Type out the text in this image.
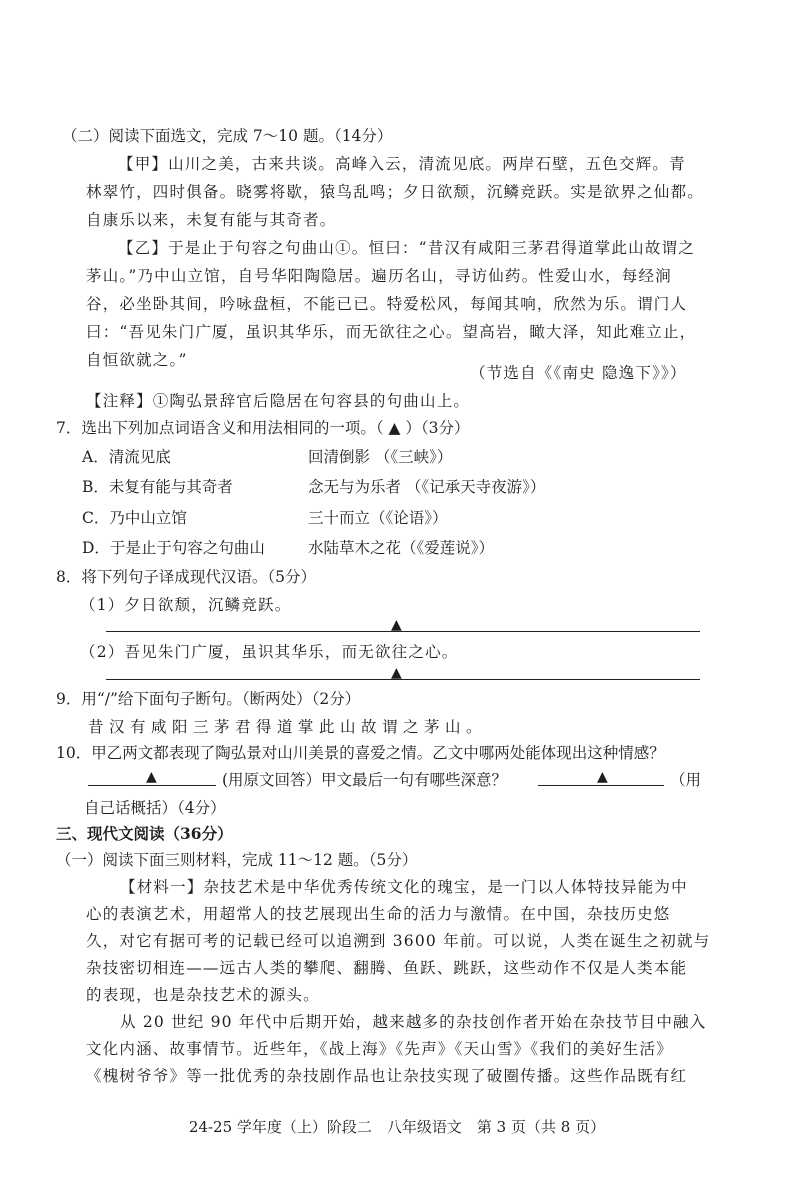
（二）阅读下面选文，完成 7～10 题。（14分）
【甲】山川之美，古来共谈。高峰入云，清流见底。两岸石壁，五色交辉。青
林翠竹，四时俱备。晓雾将歇，猿鸟乱鸣；夕日欲颓，沉鳞竞跃。实是欲界之仙都。
自康乐以来，未复有能与其奇者。
【乙】于是止于句容之句曲山①。恒曰：“昔汉有咸阳三茅君得道掌此山故谓之
茅山。”乃中山立馆，自号华阳陶隐居。遍历名山，寻访仙药。性爱山水，每经涧
谷，必坐卧其间，吟咏盘桓，不能已已。特爱松风，每闻其响，欣然为乐。谓门人
曰：“吾见朱门广厦，虽识其华乐，而无欲往之心。望高岩，瞰大泽，知此难立止，
自恒欲就之。”
（节选自《《南史 隐逸下》》）
【注释】①陶弘景辞官后隐居在句容县的句曲山上。
7．选出下列加点词语含义和用法相同的一项。（ ▲ ）（3分）
A．清流见底	回清倒影 （《三峡》）
B．未复有能与其奇者	念无与为乐者 （《记承天寺夜游》）
C．乃中山立馆	三十而立（《论语》）
D．于是止于句容之句曲山	水陆草木之花（《爱莲说》）
8．将下列句子译成现代汉语。（5分）
（1）夕日欲颓，沉鳞竞跃。
▲
（2）吾见朱门广厦，虽识其华乐，而无欲往之心。
▲
9．用“/”给下面句子断句。（断两处）（2分）
昔汉有咸阳三茅君得道掌此山故谓之茅山。
10．甲乙两文都表现了陶弘景对山川美景的喜爱之情。乙文中哪两处能体现出这种情感？
▲	(用原文回答）甲文最后一句有哪些深意？	▲	（用
自己话概括）（4分）
三、现代文阅读（36分）
（一）阅读下面三则材料，完成 11～12 题。（5分）
【材料一】杂技艺术是中华优秀传统文化的瑰宝，是一门以人体特技异能为中
心的表演艺术，用超常人的技艺展现出生命的活力与激情。在中国，杂技历史悠
久，对它有据可考的记载已经可以追溯到 3600 年前。可以说，人类在诞生之初就与
杂技密切相连——远古人类的攀爬、翻腾、鱼跃、跳跃，这些动作不仅是人类本能
的表现，也是杂技艺术的源头。
从 20 世纪 90 年代中后期开始，越来越多的杂技创作者开始在杂技节目中融入
文化内涵、故事情节。近些年，《战上海》《先声》《天山雪》《我们的美好生活》
《槐树爷爷》等一批优秀的杂技剧作品也让杂技实现了破圈传播。这些作品既有红
24-25 学年度（上）阶段二　八年级语文　第 3 页（共 8 页）
